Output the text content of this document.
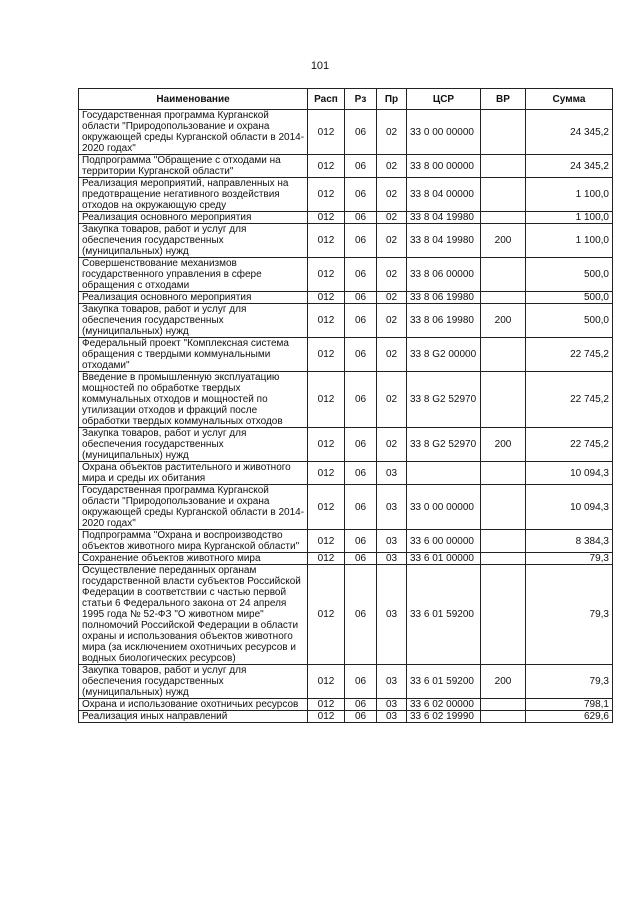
101
Наименование	Расп	Рз	Пр	ЦСР	ВР	Сумма
Государственная программа Курганской области "Природопользование и охрана окружающей среды Курганской области в 2014-2020 годах"	012	06	02	33 0 00 00000		24 345,2
Подпрограмма "Обращение с отходами на территории Курганской области"	012	06	02	33 8 00 00000		24 345,2
Реализация мероприятий, направленных на предотвращение негативного воздействия отходов на окружающую среду	012	06	02	33 8 04 00000		1 100,0
Реализация основного мероприятия	012	06	02	33 8 04 19980		1 100,0
Закупка товаров, работ и услуг для обеспечения государственных (муниципальных) нужд	012	06	02	33 8 04 19980	200	1 100,0
Совершенствование механизмов государственного управления в сфере обращения с отходами	012	06	02	33 8 06 00000		500,0
Реализация основного мероприятия	012	06	02	33 8 06 19980		500,0
Закупка товаров, работ и услуг для обеспечения государственных (муниципальных) нужд	012	06	02	33 8 06 19980	200	500,0
Федеральный проект "Комплексная система обращения с твердыми коммунальными отходами"	012	06	02	33 8 G2 00000		22 745,2
Введение в промышленную эксплуатацию мощностей по обработке твердых коммунальных отходов и мощностей по утилизации отходов и фракций после обработки твердых коммунальных отходов	012	06	02	33 8 G2 52970		22 745,2
Закупка товаров, работ и услуг для обеспечения государственных (муниципальных) нужд	012	06	02	33 8 G2 52970	200	22 745,2
Охрана объектов растительного и животного мира и среды их обитания	012	06	03			10 094,3
Государственная программа Курганской области "Природопользование и охрана окружающей среды Курганской области в 2014-2020 годах"	012	06	03	33 0 00 00000		10 094,3
Подпрограмма "Охрана и воспроизводство объектов животного мира Курганской области"	012	06	03	33 6 00 00000		8 384,3
Сохранение объектов животного мира	012	06	03	33 6 01 00000		79,3
Осуществление переданных органам государственной власти субъектов Российской Федерации в соответствии с частью первой статьи 6 Федерального закона от 24 апреля 1995 года № 52-ФЗ "О животном мире" полномочий Российской Федерации в области охраны и использования объектов животного мира (за исключением охотничьих ресурсов и водных биологических ресурсов)	012	06	03	33 6 01 59200		79,3
Закупка товаров, работ и услуг для обеспечения государственных (муниципальных) нужд	012	06	03	33 6 01 59200	200	79,3
Охрана и использование охотничьих ресурсов	012	06	03	33 6 02 00000		798,1
Реализация иных направлений	012	06	03	33 6 02 19990		629,6
